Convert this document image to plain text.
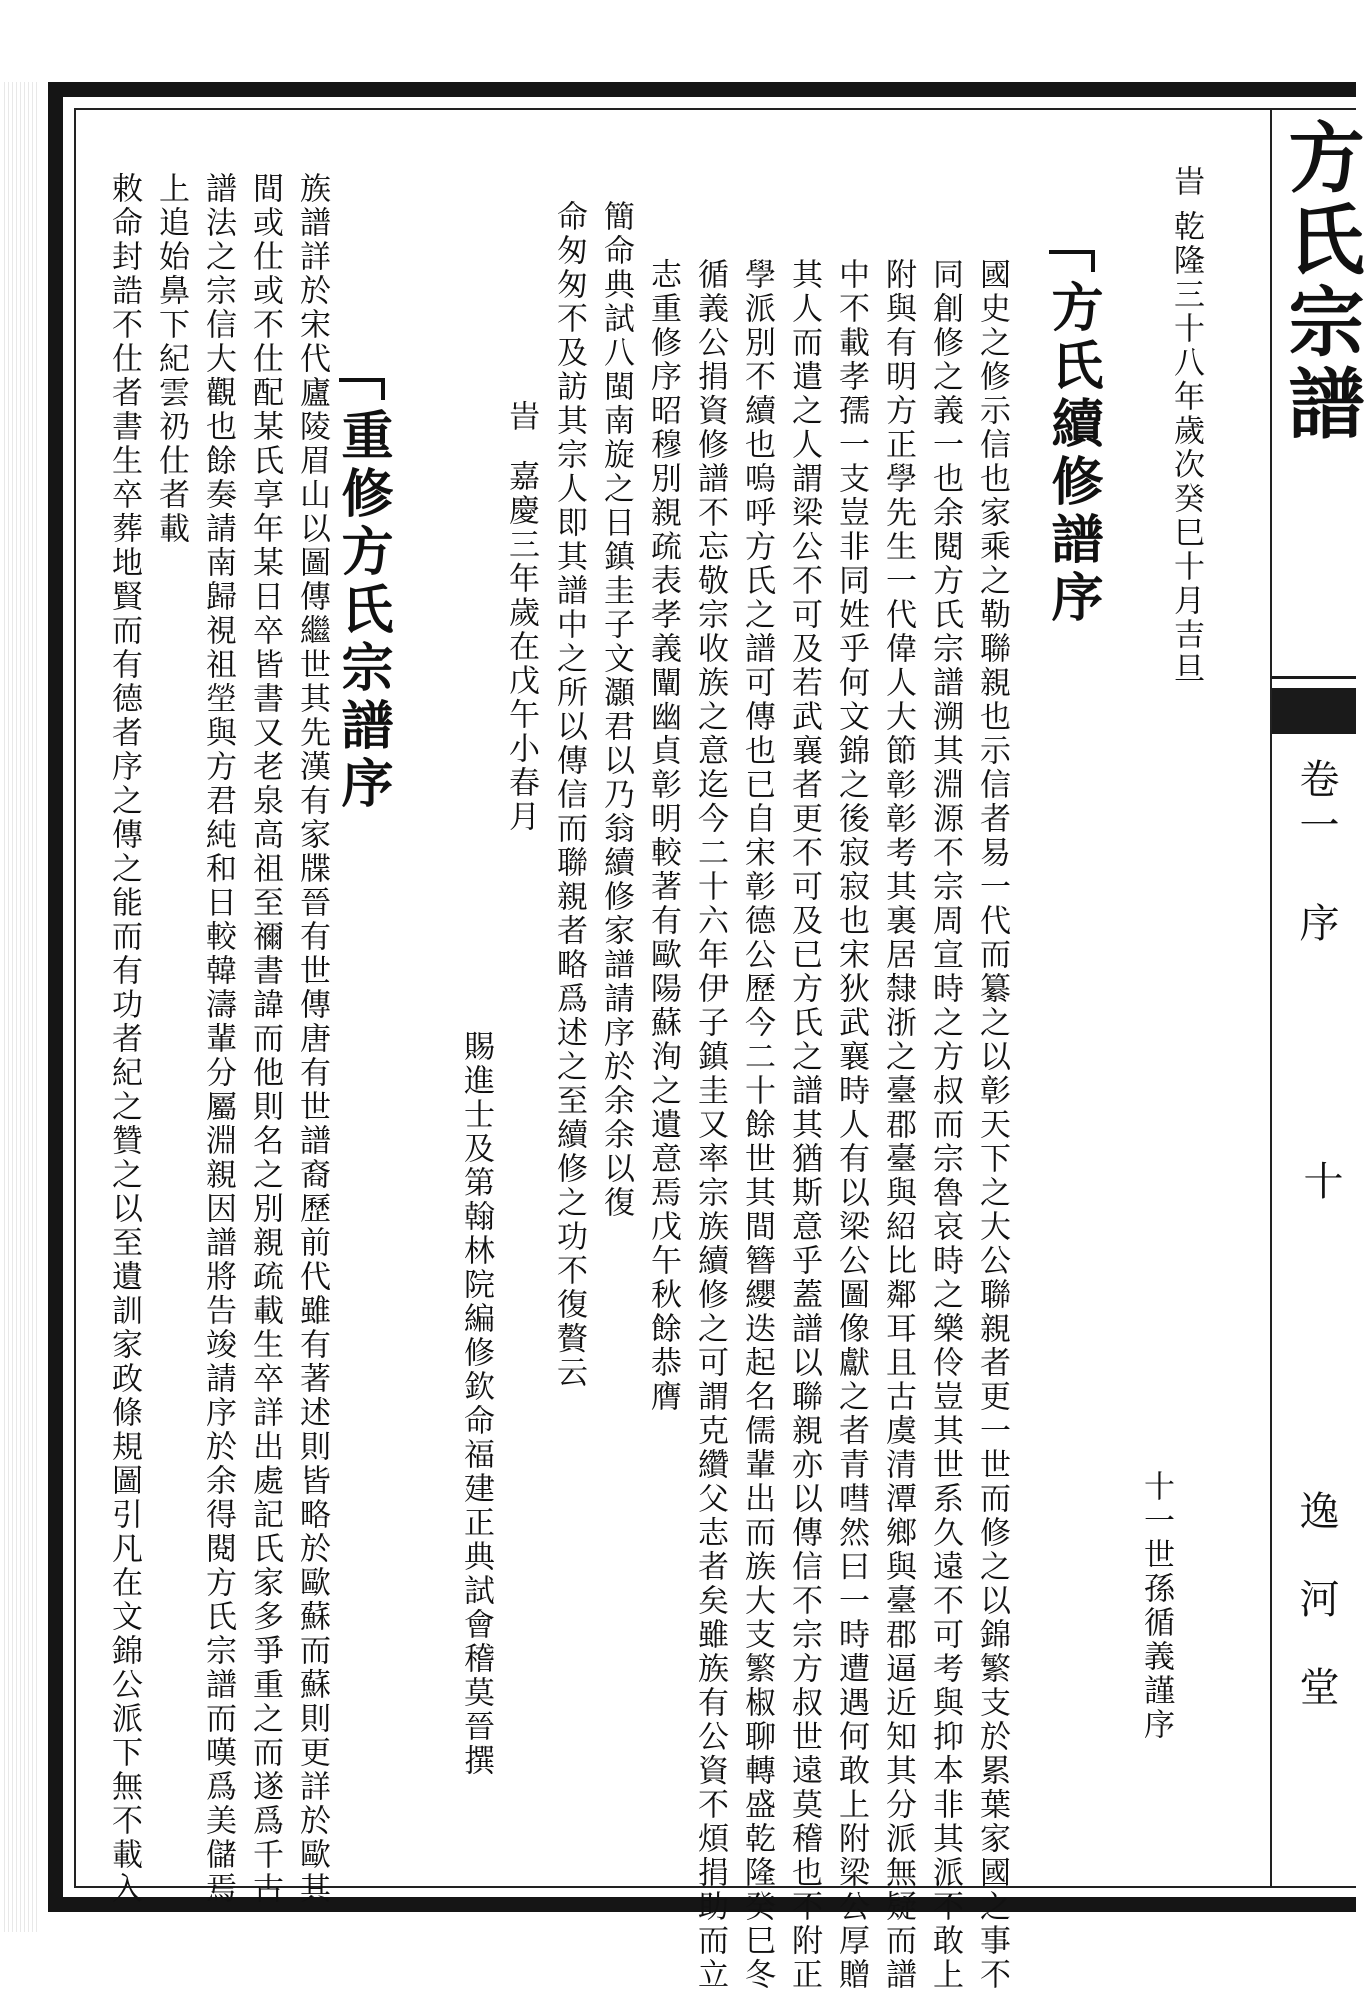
方氏宗譜
卷一 序
十
逸河堂
旹
乾隆三十八年歲次癸巳十月吉旦
十一世孫循義謹序
方氏續修譜序
國史之修示信也家乘之勒聯親也示信者易一代而纂之以彰天下之大公聯親者更一世而修之以錦繁支於累葉家國之事不
同創修之義一也余閱方氏宗譜溯其淵源不宗周宣時之方叔而宗魯哀時之樂伶豈其世系久遠不可考與抑本非其派不敢上
附與有明方正學先生一代偉人大節彰彰考其裏居隸浙之臺郡臺與紹比鄰耳且古虞清潭鄉與臺郡逼近知其分派無疑而譜
中不載孝孺一支豈非同姓乎何文錦之後寂寂也宋狄武襄時人有以梁公圖像獻之者青嘒然曰一時遭遇何敢上附梁公厚贈
其人而遣之人謂梁公不可及若武襄者更不可及已方氏之譜其猶斯意乎蓋譜以聯親亦以傳信不宗方叔世遠莫稽也不附正
學派別不續也嗚呼方氏之譜可傳也已自宋彰德公歷今二十餘世其間簪纓迭起名儒輩出而族大支繁椒聊轉盛乾隆癸巳冬
循義公捐資修譜不忘敬宗收族之意迄今二十六年伊子鎮圭又率宗族續修之可謂克纘父志者矣雖族有公資不煩捐助而立
志重修序昭穆別親疏表孝義闡幽貞彰明較著有歐陽蘇洵之遺意焉戊午秋餘恭膺
簡命典試八閩南旋之日鎮圭子文灝君以乃翁續修家譜請序於余余以復
命匆匆不及訪其宗人即其譜中之所以傳信而聯親者略爲述之至續修之功不復贅云
旹
嘉慶三年歲在戊午小春月
賜進士及第翰林院編修欽命福建正典試會稽莫晉撰
重修方氏宗譜序
族譜詳於宋代廬陵眉山以圖傳繼世其先漢有家牒晉有世傳唐有世譜裔歷前代雖有著述則皆略於歐蘇而蘇則更詳於歐其
間或仕或不仕配某氏享年某日卒皆書又老泉高祖至禰書諱而他則名之別親疏載生卒詳出處記氏家多爭重之而遂爲千古
譜法之宗信大觀也餘奏請南歸視祖塋與方君純和日較韓濤輩分屬淵親因譜將告竣請序於余得閱方氏宗譜而嘆爲美儲焉
上追始鼻下紀雲礽仕者載
敕命封誥不仕者書生卒葬地賢而有德者序之傳之能而有功者紀之贊之以至遺訓家政條規圖引凡在文錦公派下無不載入
